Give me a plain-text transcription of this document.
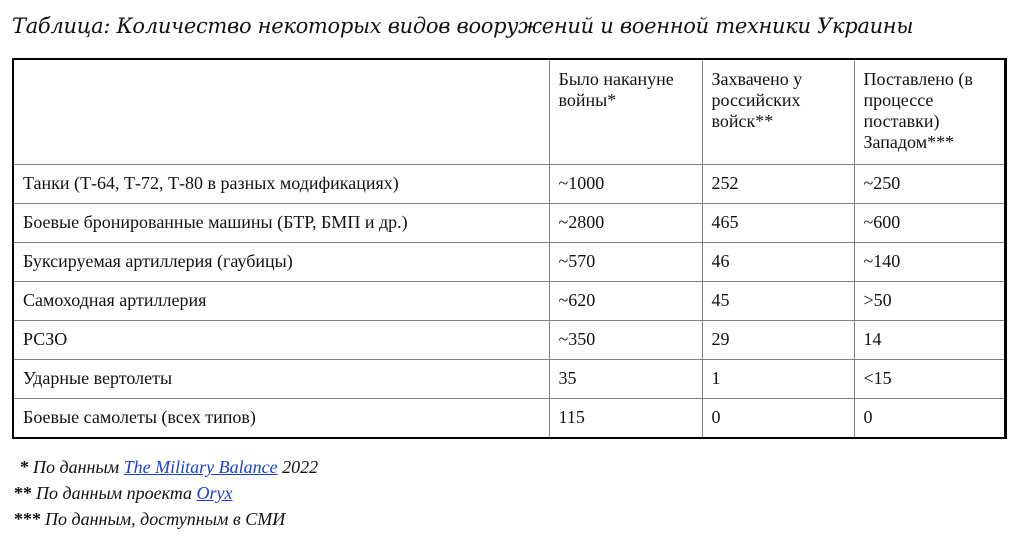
Таблица: Количество некоторых видов вооружений и военной техники Украины
	Было накануне войны*	Захвачено у российских войск**	Поставлено (в процессе поставки) Западом***
Танки (Т-64, Т-72, Т-80 в разных модификациях)	~1000	252	~250
Боевые бронированные машины (БТР, БМП и др.)	~2800	465	~600
Буксируемая артиллерия (гаубицы)	~570	46	~140
Самоходная артиллерия	~620	45	>50
РСЗО	~350	29	14
Ударные вертолеты	35	1	<15
Боевые самолеты (всех типов)	115	0	0
* По данным The Military Balance 2022
** По данным проекта Oryx
*** По данным, доступным в СМИ
